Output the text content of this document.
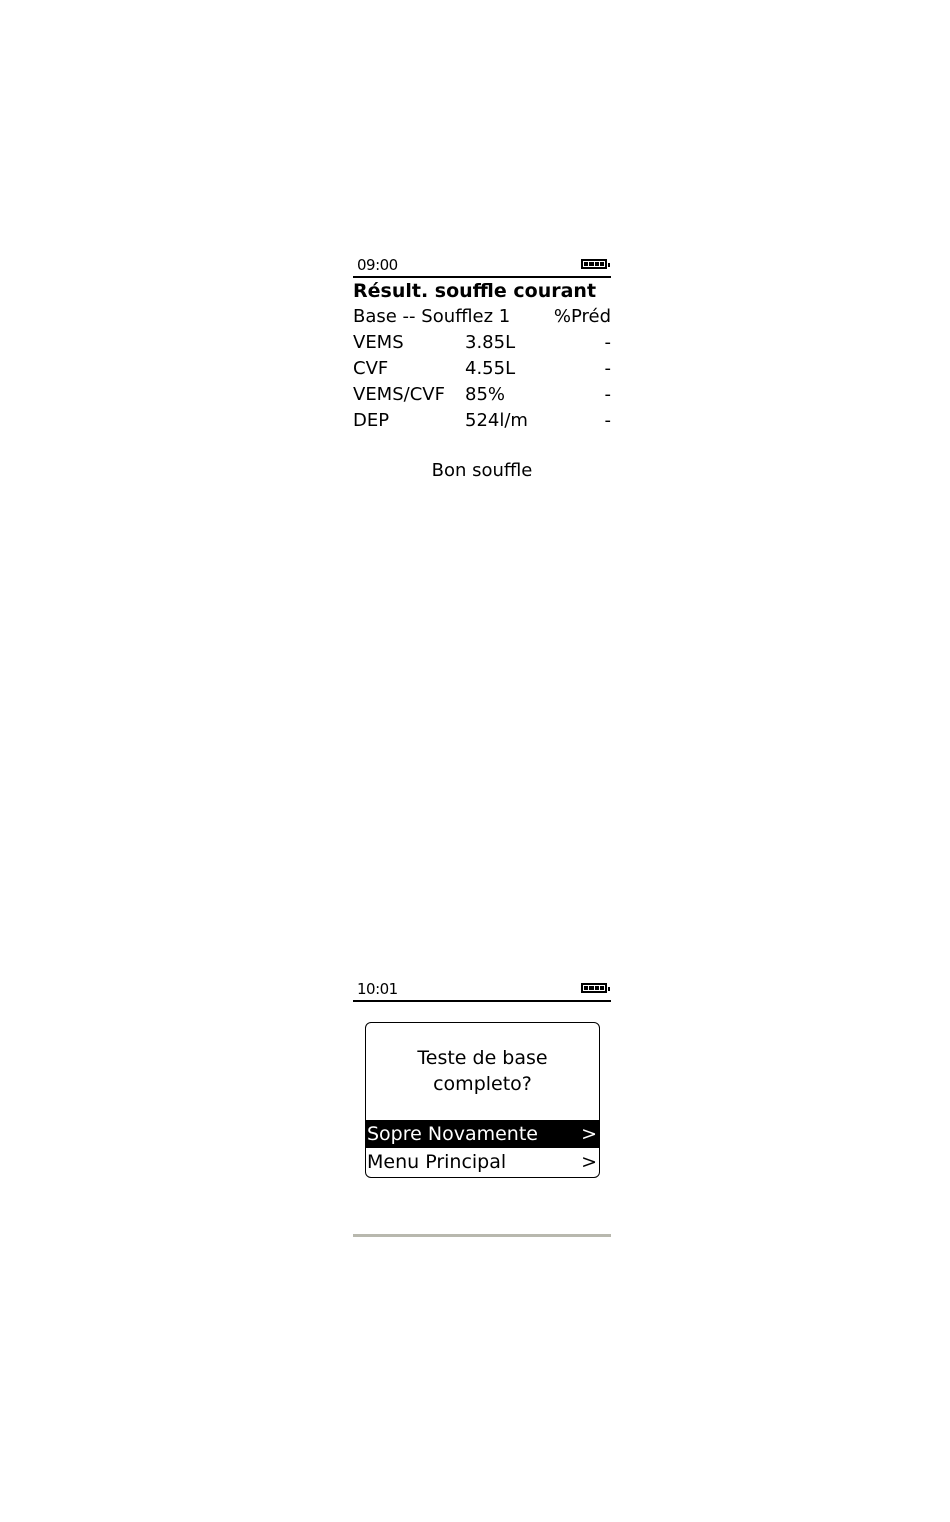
09:00
Résult. souffle courant
Base -- Soufflez 1 %Préd
VEMS	3.85L	-
CVF	4.55L	-
VEMS/CVF 85%	-
DEP	524l/m	-
Bon souffle
10:01
Teste de base
completo?
Sopre Novamente >
Menu Principal	>
